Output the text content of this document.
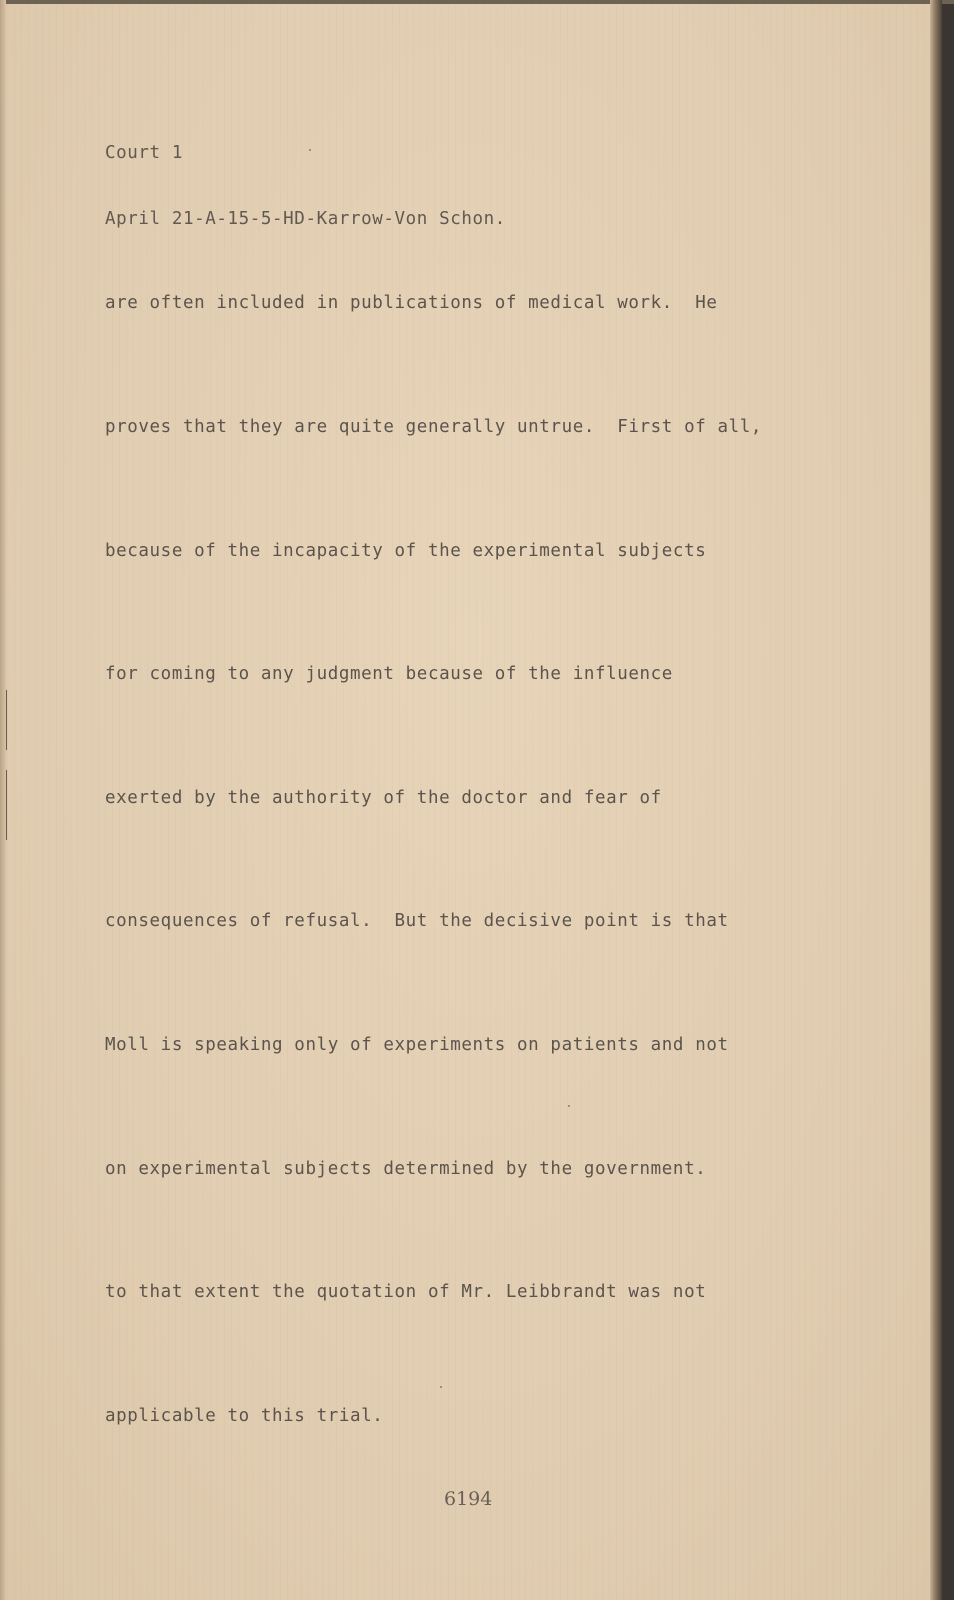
Court 1

April 21-A-15-5-HD-Karrow-Von Schon.

are often included in publications of medical work.  He

proves that they are quite generally untrue.  First of all,

because of the incapacity of the experimental subjects

for coming to any judgment because of the influence

exerted by the authority of the doctor and fear of

consequences of refusal.  But the decisive point is that

Moll is speaking only of experiments on patients and not

on experimental subjects determined by the government.

to that extent the quotation of Mr. Leibbrandt was not

applicable to this trial.

6194
